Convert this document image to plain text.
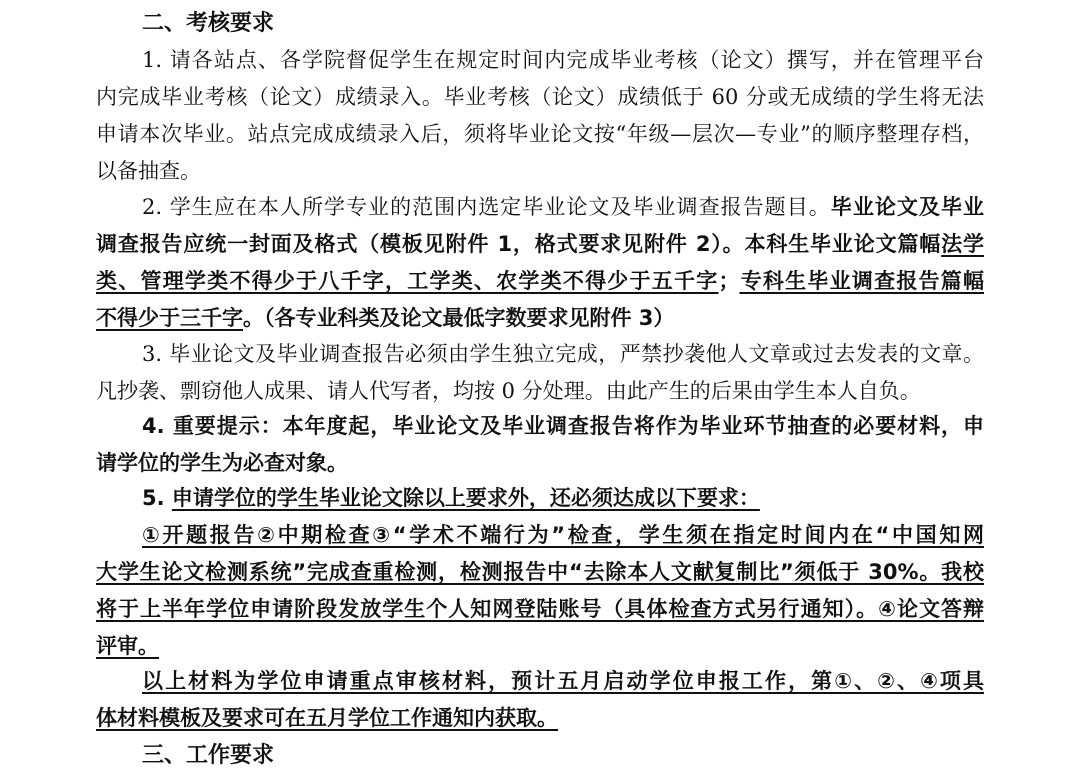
二、考核要求
1. 请各站点、各学院督促学生在规定时间内完成毕业考核（论文）撰写，并在管理平台
内完成毕业考核（论文）成绩录入。毕业考核（论文）成绩低于 60 分或无成绩的学生将无法
申请本次毕业。站点完成成绩录入后，须将毕业论文按“年级—层次—专业”的顺序整理存档，
以备抽查。
2. 学生应在本人所学专业的范围内选定毕业论文及毕业调查报告题目。毕业论文及毕业
调查报告应统一封面及格式（模板见附件 1，格式要求见附件 2）。本科生毕业论文篇幅法学
类、管理学类不得少于八千字，工学类、农学类不得少于五千字；专科生毕业调查报告篇幅
不得少于三千字。（各专业科类及论文最低字数要求见附件 3）
3. 毕业论文及毕业调查报告必须由学生独立完成，严禁抄袭他人文章或过去发表的文章。
凡抄袭、剽窃他人成果、请人代写者，均按 0 分处理。由此产生的后果由学生本人自负。
4. 重要提示：本年度起，毕业论文及毕业调查报告将作为毕业环节抽查的必要材料，申
请学位的学生为必查对象。
5. 申请学位的学生毕业论文除以上要求外，还必须达成以下要求：
①开题报告②中期检查③“学术不端行为”检查，学生须在指定时间内在“中国知网
大学生论文检测系统”完成查重检测，检测报告中“去除本人文献复制比”须低于 30%。我校
将于上半年学位申请阶段发放学生个人知网登陆账号（具体检查方式另行通知）。④论文答辩
评审。
以上材料为学位申请重点审核材料，预计五月启动学位申报工作，第①、②、④项具
体材料模板及要求可在五月学位工作通知内获取。
三、工作要求
